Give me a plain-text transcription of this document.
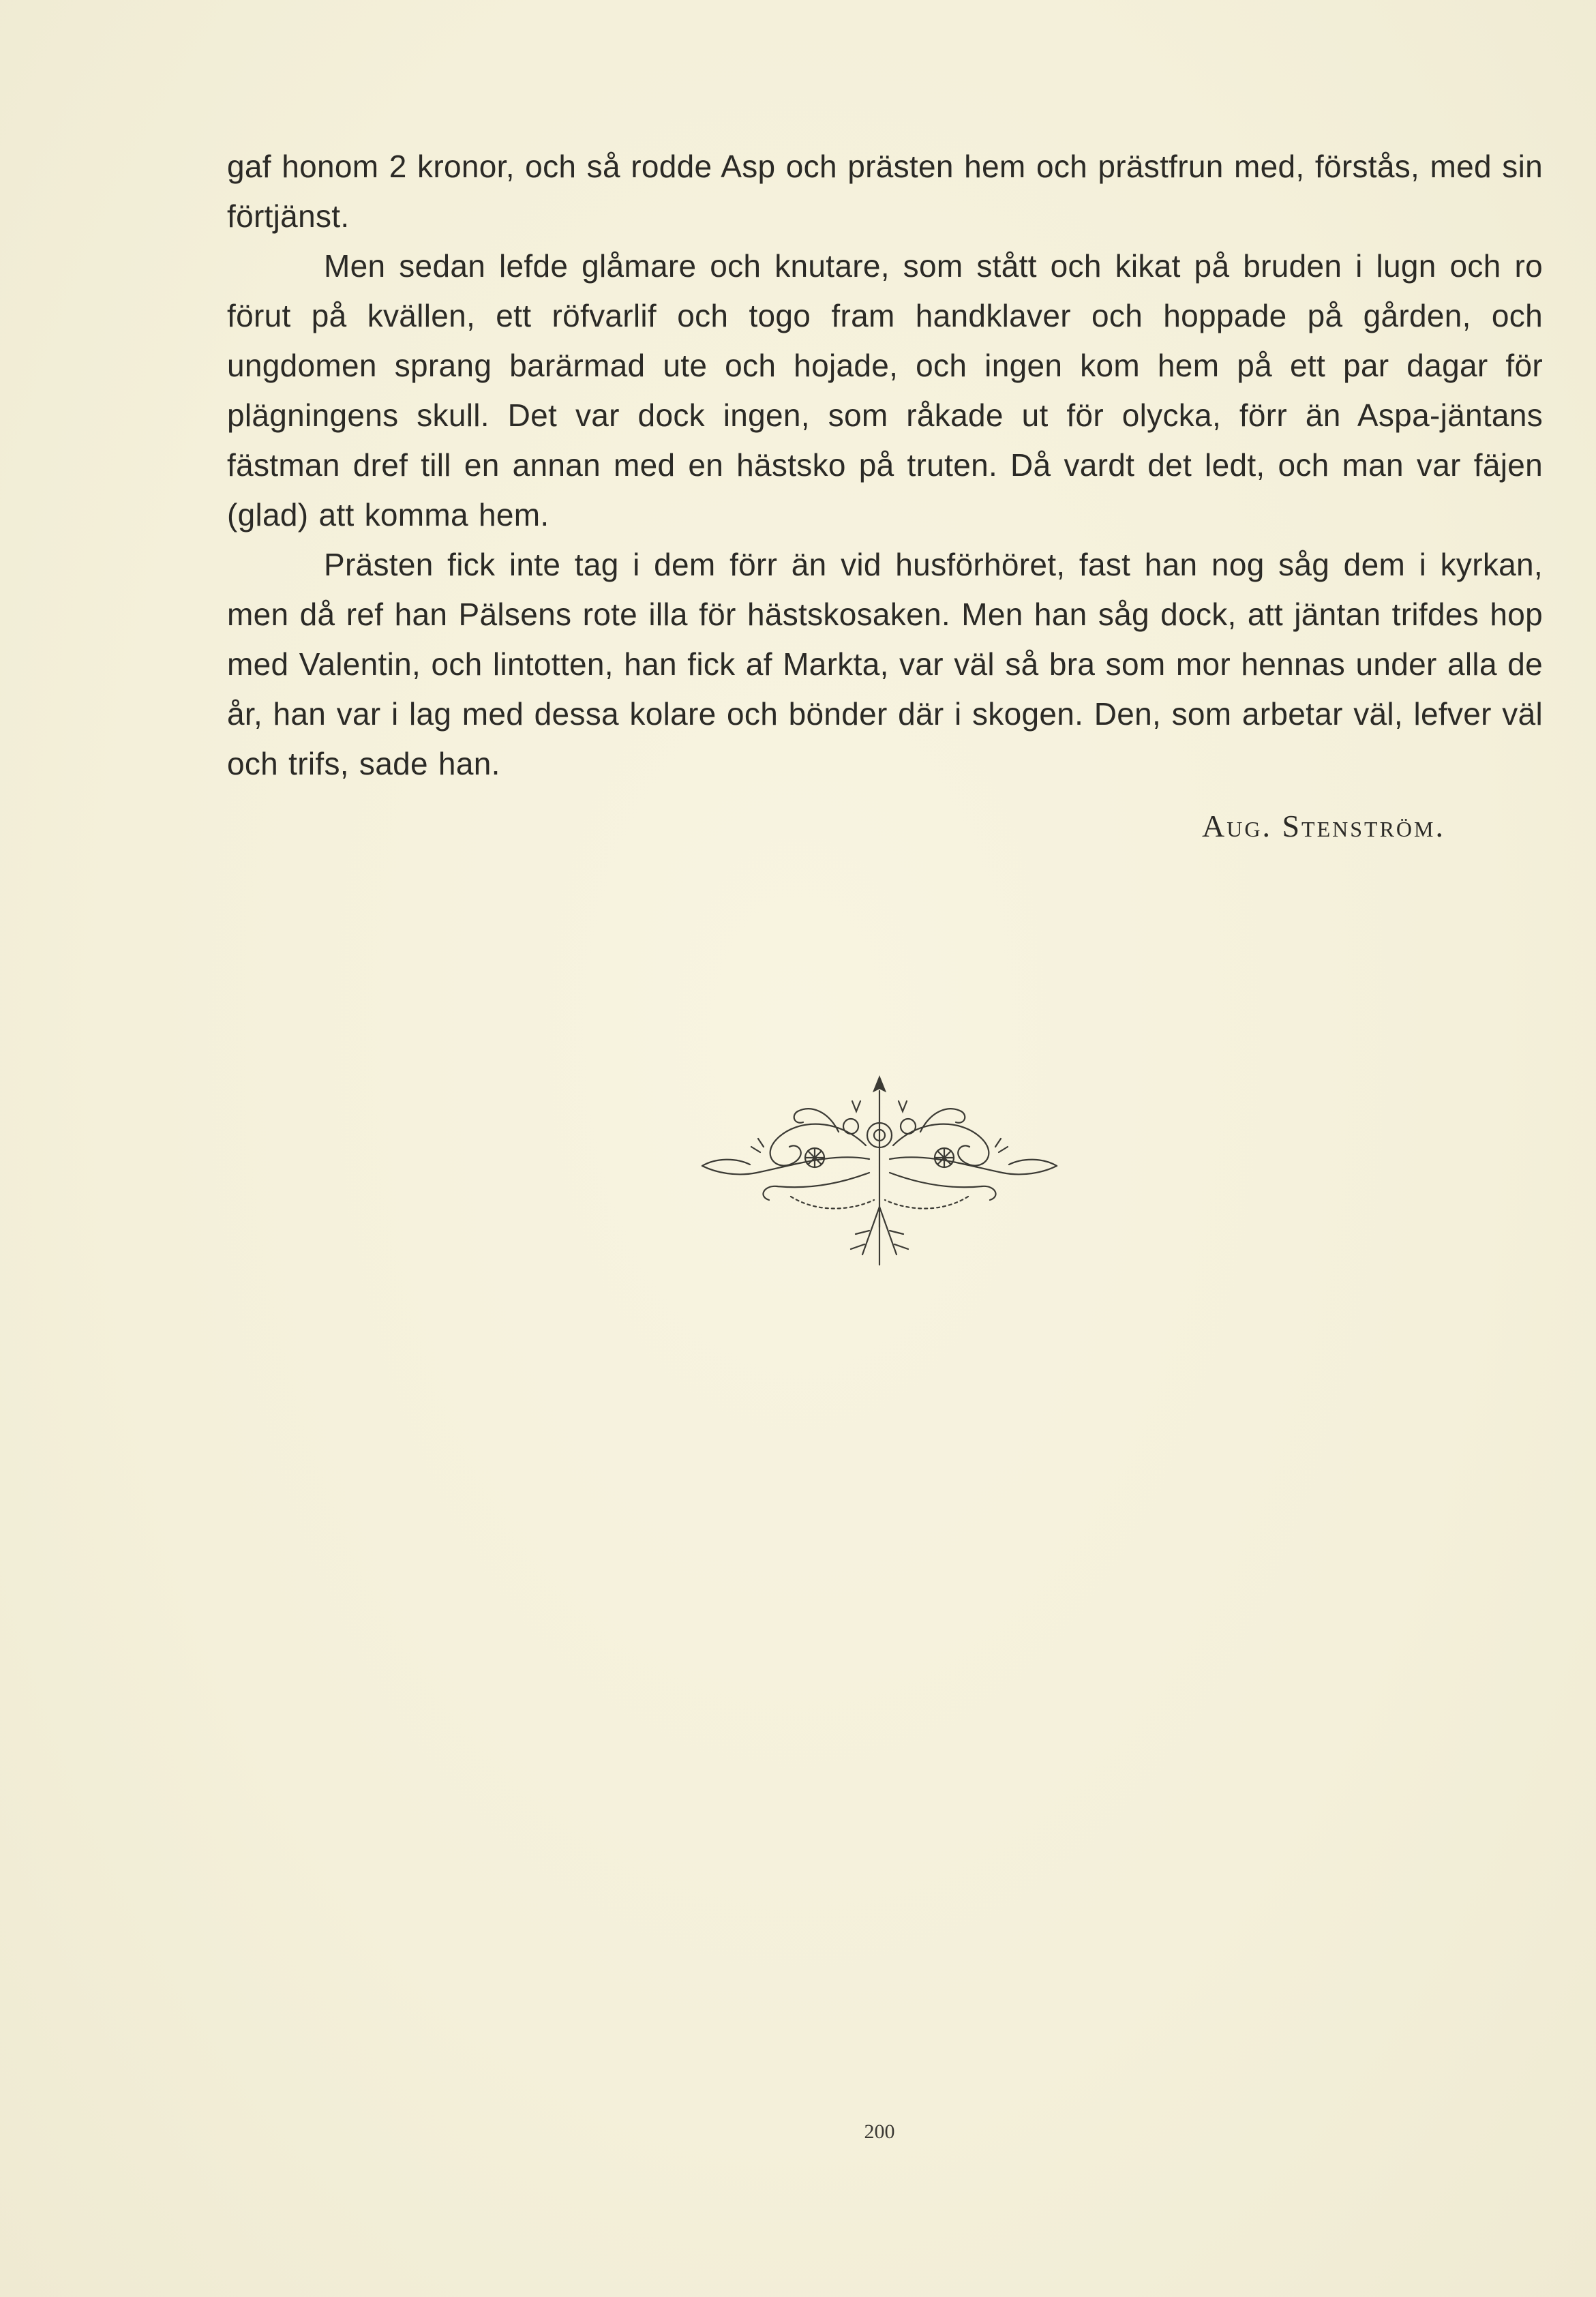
gaf honom 2 kronor, och så rodde Asp och prästen hem och prästfrun med, förstås, med sin förtjänst.

Men sedan lefde glåmare och knutare, som stått och kikat på bruden i lugn och ro förut på kvällen, ett röfvarlif och togo fram handklaver och hoppade på gården, och ungdomen sprang barärmad ute och hojade, och ingen kom hem på ett par dagar för plägningens skull. Det var dock ingen, som råkade ut för olycka, förr än Aspa-jäntans fästman dref till en annan med en hästsko på truten. Då vardt det ledt, och man var fäjen (glad) att komma hem.

Prästen fick inte tag i dem förr än vid husförhöret, fast han nog såg dem i kyrkan, men då ref han Pälsens rote illa för hästskosaken. Men han såg dock, att jäntan trifdes hop med Valentin, och lintotten, han fick af Markta, var väl så bra som mor hennas under alla de år, han var i lag med dessa kolare och bönder där i skogen. Den, som arbetar väl, lefver väl och trifs, sade han.

Aug. Stenström.
200
